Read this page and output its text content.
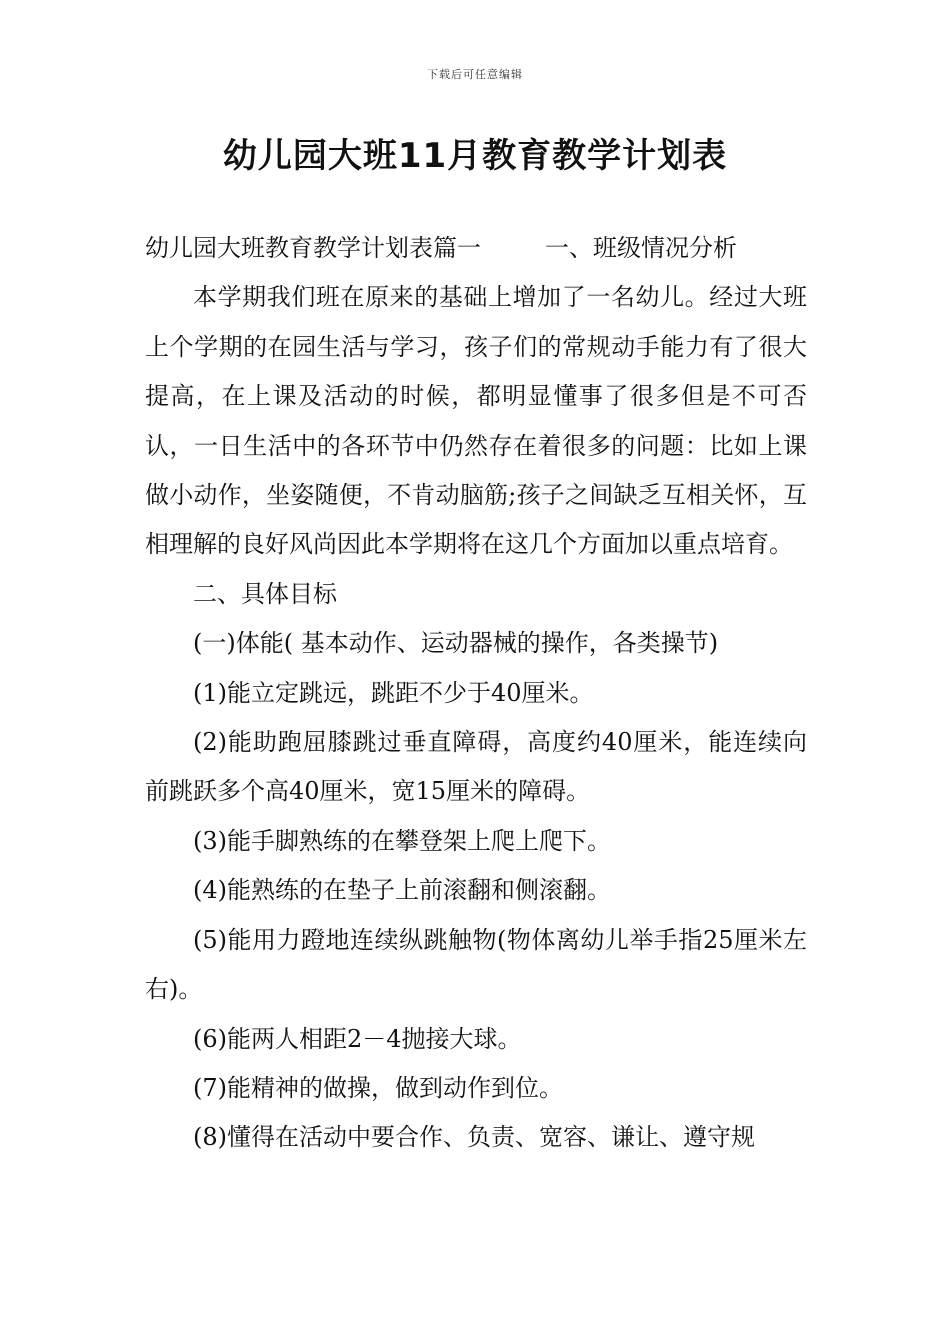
下载后可任意编辑
幼儿园大班11月教育教学计划表
幼儿园大班教育教学计划表篇一	一、班级情况分析

本学期我们班在原来的基础上增加了一名幼儿。经过大班上个学期的在园生活与学习，孩子们的常规动手能力有了很大提高，在上课及活动的时候，都明显懂事了很多但是不可否认，一日生活中的各环节中仍然存在着很多的问题：比如上课做小动作，坐姿随便，不肯动脑筋;孩子之间缺乏互相关怀，互相理解的良好风尚因此本学期将在这几个方面加以重点培育。

二、具体目标

(一)体能( 基本动作、运动器械的操作，各类操节)

(1)能立定跳远，跳距不少于40厘米。

(2)能助跑屈膝跳过垂直障碍，高度约40厘米，能连续向前跳跃多个高40厘米，宽15厘米的障碍。

(3)能手脚熟练的在攀登架上爬上爬下。

(4)能熟练的在垫子上前滚翻和侧滚翻。

(5)能用力蹬地连续纵跳触物(物体离幼儿举手指25厘米左右)。

(6)能两人相距2－4抛接大球。

(7)能精神的做操，做到动作到位。

(8)懂得在活动中要合作、负责、宽容、谦让、遵守规
